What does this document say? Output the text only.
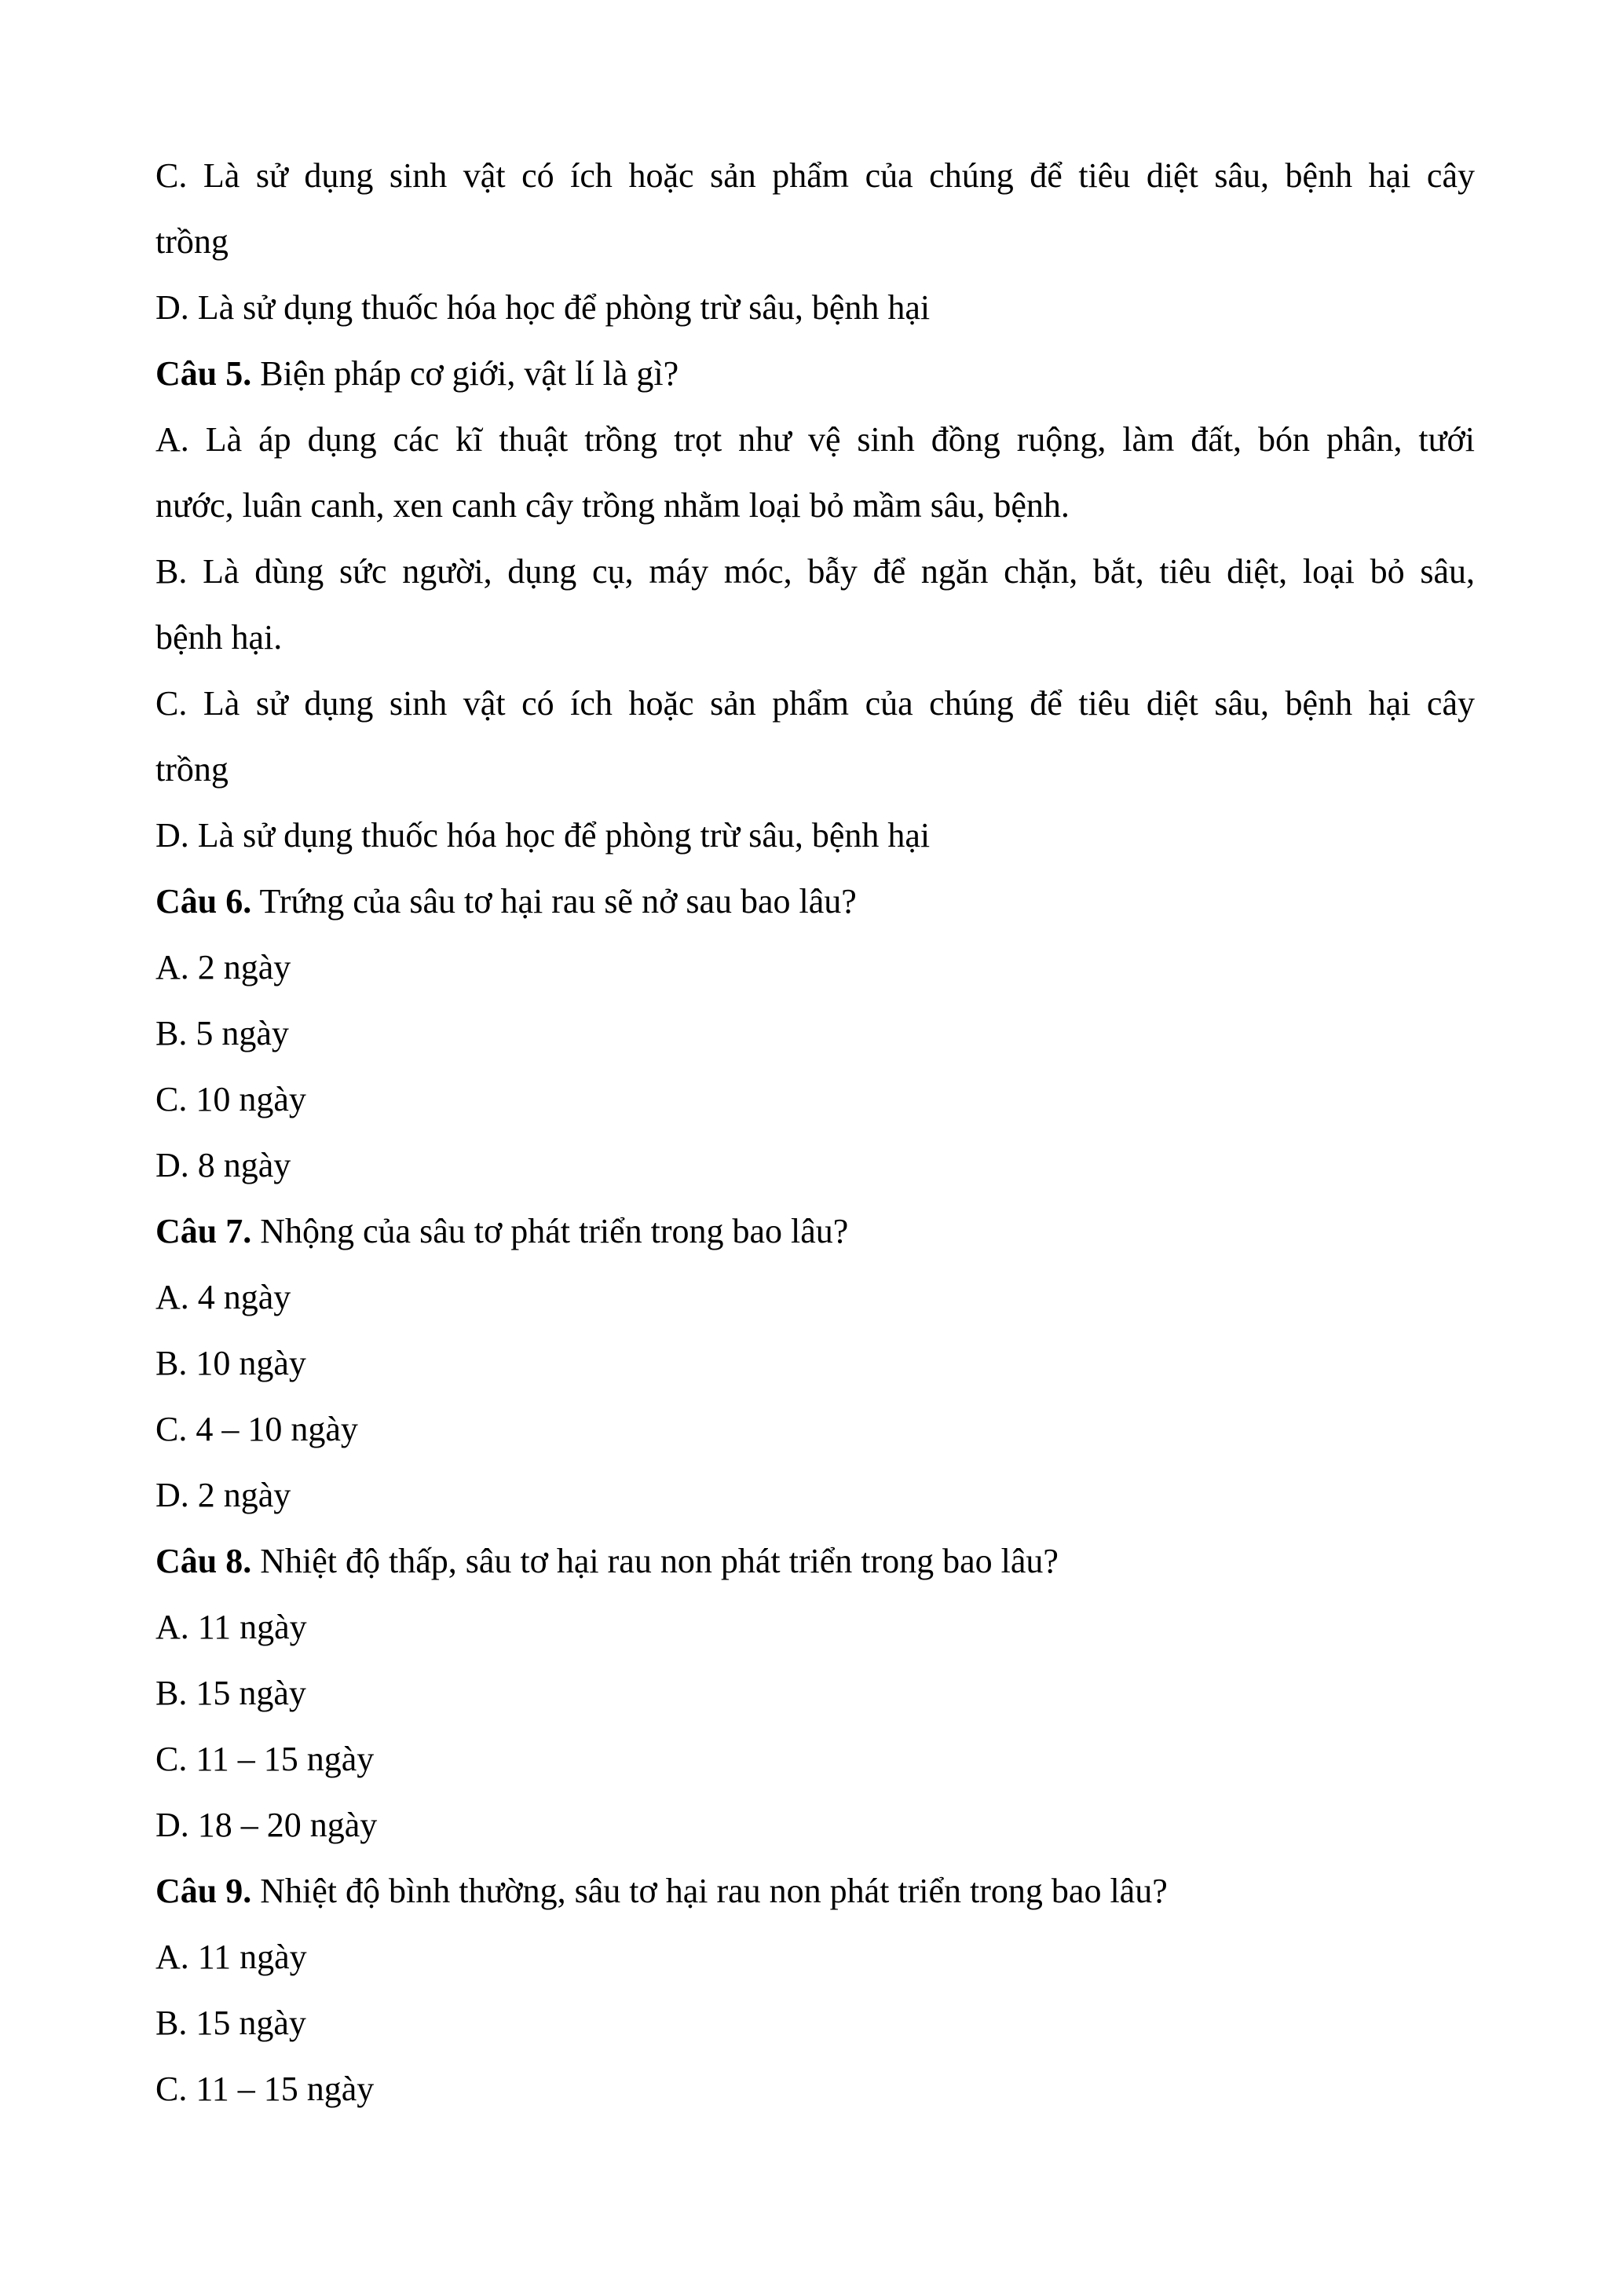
C. Là sử dụng sinh vật có ích hoặc sản phẩm của chúng để tiêu diệt sâu, bệnh hại cây
trồng
D. Là sử dụng thuốc hóa học để phòng trừ sâu, bệnh hại
Câu 5. Biện pháp cơ giới, vật lí là gì?
A. Là áp dụng các kĩ thuật trồng trọt như vệ sinh đồng ruộng, làm đất, bón phân, tưới
nước, luân canh, xen canh cây trồng nhằm loại bỏ mầm sâu, bệnh.
B. Là dùng sức người, dụng cụ, máy móc, bẫy để ngăn chặn, bắt, tiêu diệt, loại bỏ sâu,
bệnh hại.
C. Là sử dụng sinh vật có ích hoặc sản phẩm của chúng để tiêu diệt sâu, bệnh hại cây
trồng
D. Là sử dụng thuốc hóa học để phòng trừ sâu, bệnh hại
Câu 6. Trứng của sâu tơ hại rau sẽ nở sau bao lâu?
A. 2 ngày
B. 5 ngày
C. 10 ngày
D. 8 ngày
Câu 7. Nhộng của sâu tơ phát triển trong bao lâu?
A. 4 ngày
B. 10 ngày
C. 4 – 10 ngày
D. 2 ngày
Câu 8. Nhiệt độ thấp, sâu tơ hại rau non phát triển trong bao lâu?
A. 11 ngày
B. 15 ngày
C. 11 – 15 ngày
D. 18 – 20 ngày
Câu 9. Nhiệt độ bình thường, sâu tơ hại rau non phát triển trong bao lâu?
A. 11 ngày
B. 15 ngày
C. 11 – 15 ngày
